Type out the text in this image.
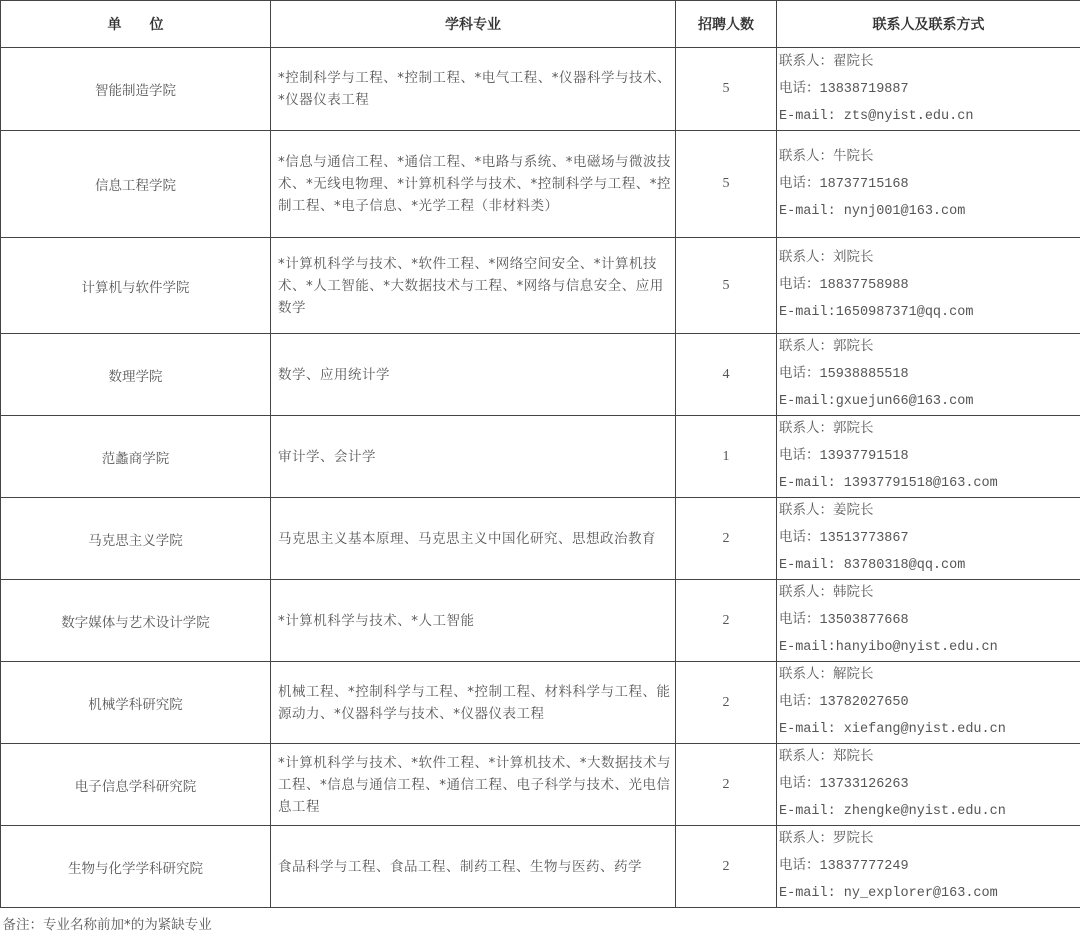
单　　位	学科专业	招聘人数	联系人及联系方式
智能制造学院	*控制科学与工程、*控制工程、*电气工程、*仪器科学与技术、*仪器仪表工程	5	联系人：翟院长
电话：13838719887
E-mail: zts@nyist.edu.cn

信息工程学院	*信息与通信工程、*通信工程、*电路与系统、*电磁场与微波技术、*无线电物理、*计算机科学与技术、*控制科学与工程、*控制工程、*电子信息、*光学工程（非材料类）	5	联系人：牛院长
电话：18737715168
E-mail: nynj001@163.com

计算机与软件学院	*计算机科学与技术、*软件工程、*网络空间安全、*计算机技术、*人工智能、*大数据技术与工程、*网络与信息安全、应用数学	5	联系人：刘院长
电话：18837758988
E-mail:1650987371@qq.com

数理学院	数学、应用统计学	4	联系人：郭院长
电话：15938885518
E-mail:gxuejun66@163.com

范蠡商学院	审计学、会计学	1	联系人：郭院长
电话：13937791518
E-mail: 13937791518@163.com

马克思主义学院	马克思主义基本原理、马克思主义中国化研究、思想政治教育	2	联系人：姜院长
电话：13513773867
E-mail: 83780318@qq.com

数字媒体与艺术设计学院	*计算机科学与技术、*人工智能	2	联系人：韩院长
电话：13503877668
E-mail:hanyibo@nyist.edu.cn

机械学科研究院	机械工程、*控制科学与工程、*控制工程、材料科学与工程、能源动力、*仪器科学与技术、*仪器仪表工程	2	联系人：解院长
电话：13782027650
E-mail: xiefang@nyist.edu.cn

电子信息学科研究院	*计算机科学与技术、*软件工程、*计算机技术、*大数据技术与工程、*信息与通信工程、*通信工程、电子科学与技术、光电信息工程	2	联系人：郑院长
电话：13733126263
E-mail: zhengke@nyist.edu.cn

生物与化学学科研究院	食品科学与工程、食品工程、制药工程、生物与医药、药学	2	联系人：罗院长
电话：13837777249
E-mail: ny_explorer@163.com

备注：专业名称前加*的为紧缺专业			
